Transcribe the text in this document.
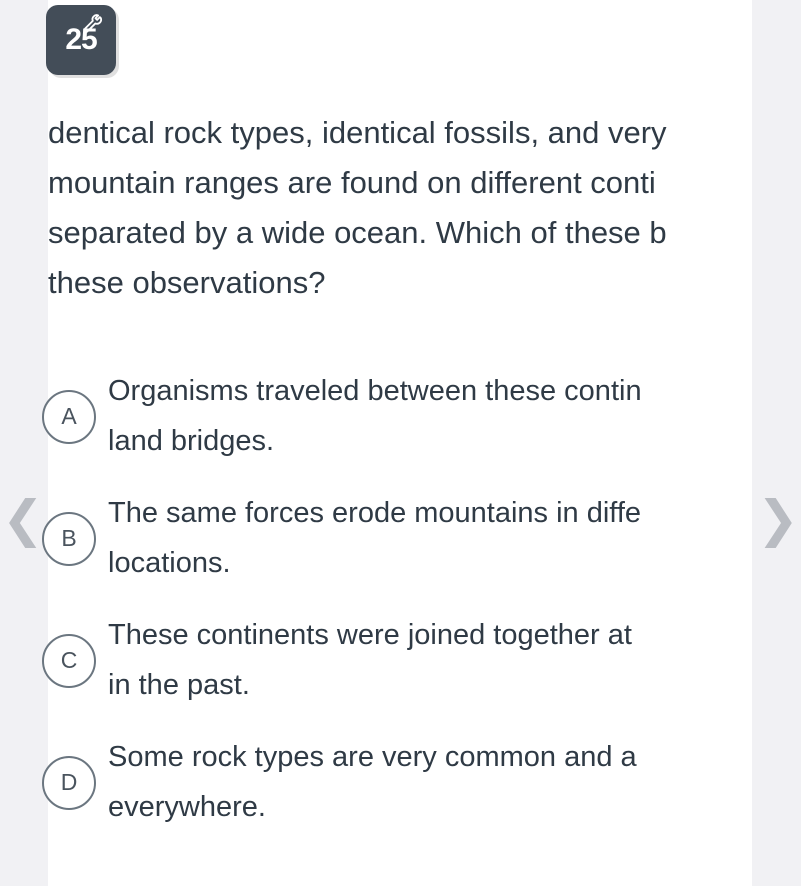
25
dentical rock types, identical fossils, and very
mountain ranges are found on different conti
separated by a wide ocean. Which of these b
these observations?
A
Organisms traveled between these contin
land bridges.
B
The same forces erode mountains in diffe
locations.
C
These continents were joined together at
in the past.
D
Some rock types are very common and a
everywhere.
❮	❯
